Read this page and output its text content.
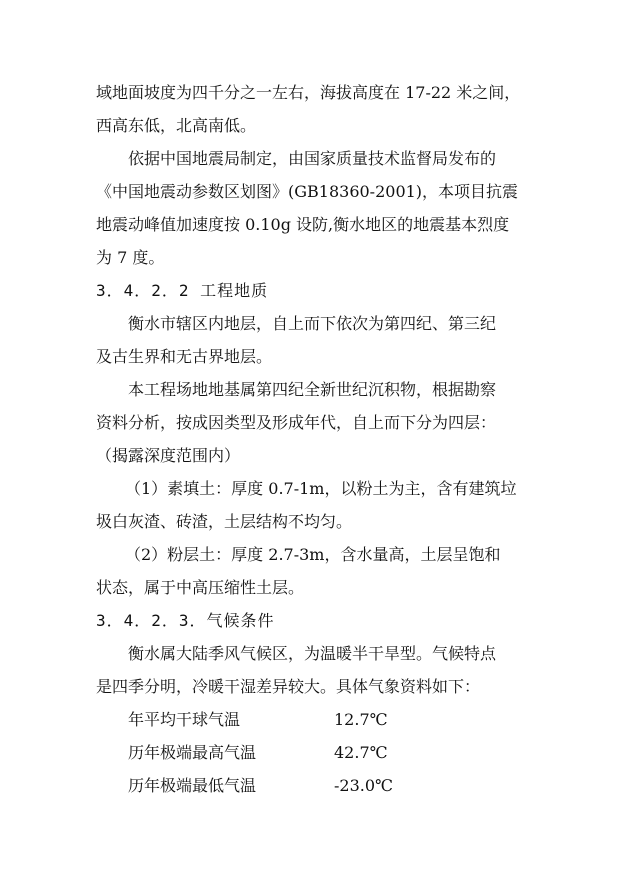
域地面坡度为四千分之一左右，海拔高度在 17-22 米之间，
西高东低，北高南低。
依据中国地震局制定，由国家质量技术监督局发布的
《中国地震动参数区划图》(GB18360-2001)，本项目抗震
地震动峰值加速度按 0.10g 设防,衡水地区的地震基本烈度
为 7 度。
3．4．2．2 工程地质
衡水市辖区内地层，自上而下依次为第四纪、第三纪
及古生界和无古界地层。
本工程场地地基属第四纪全新世纪沉积物，根据勘察
资料分析，按成因类型及形成年代，自上而下分为四层：
（揭露深度范围内）
（1）素填土：厚度 0.7-1m，以粉土为主，含有建筑垃
圾白灰渣、砖渣，土层结构不均匀。
（2）粉层土：厚度 2.7-3m，含水量高，土层呈饱和
状态，属于中高压缩性土层。
3．4．2．3．气候条件
衡水属大陆季风气候区，为温暖半干旱型。气候特点
是四季分明，冷暖干湿差异较大。具体气象资料如下：
年平均干球气温	12.7℃
历年极端最高气温	42.7℃
历年极端最低气温	-23.0℃
